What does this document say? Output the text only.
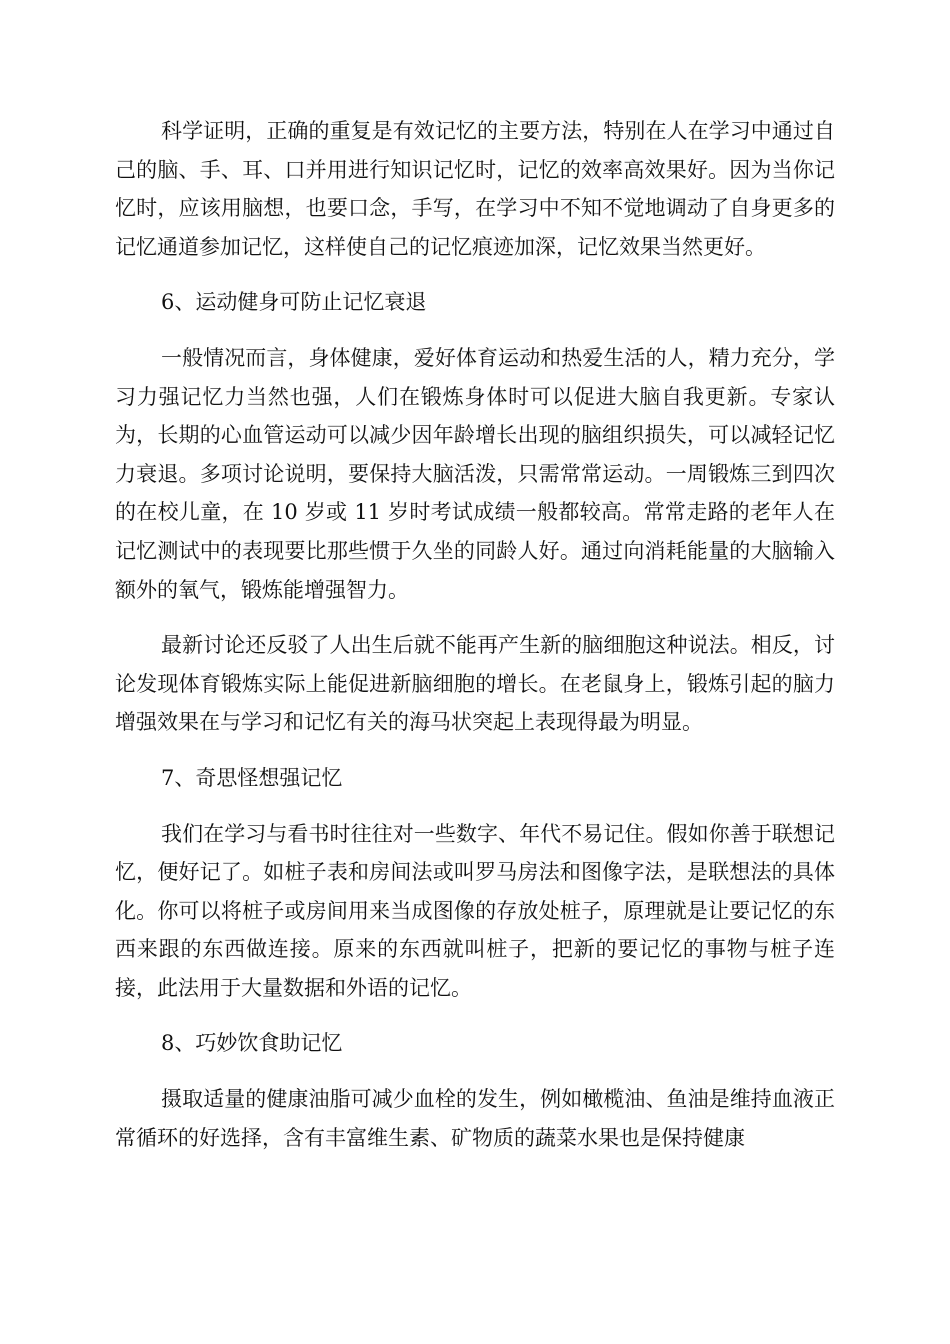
科学证明，正确的重复是有效记忆的主要方法，特别在人在学习中通过自己的脑、手、耳、口并用进行知识记忆时，记忆的效率高效果好。因为当你记忆时，应该用脑想，也要口念，手写，在学习中不知不觉地调动了自身更多的记忆通道参加记忆，这样使自己的记忆痕迹加深，记忆效果当然更好。

6、运动健身可防止记忆衰退

一般情况而言，身体健康，爱好体育运动和热爱生活的人，精力充分，学习力强记忆力当然也强，人们在锻炼身体时可以促进大脑自我更新。专家认为，长期的心血管运动可以减少因年龄增长出现的脑组织损失，可以减轻记忆力衰退。多项讨论说明，要保持大脑活泼，只需常常运动。一周锻炼三到四次的在校儿童，在 10 岁或 11 岁时考试成绩一般都较高。常常走路的老年人在记忆测试中的表现要比那些惯于久坐的同龄人好。通过向消耗能量的大脑输入额外的氧气，锻炼能增强智力。

最新讨论还反驳了人出生后就不能再产生新的脑细胞这种说法。相反，讨论发现体育锻炼实际上能促进新脑细胞的增长。在老鼠身上，锻炼引起的脑力增强效果在与学习和记忆有关的海马状突起上表现得最为明显。

7、奇思怪想强记忆

我们在学习与看书时往往对一些数字、年代不易记住。假如你善于联想记忆，便好记了。如桩子表和房间法或叫罗马房法和图像字法，是联想法的具体化。你可以将桩子或房间用来当成图像的存放处桩子，原理就是让要记忆的东西来跟的东西做连接。原来的东西就叫桩子，把新的要记忆的事物与桩子连接，此法用于大量数据和外语的记忆。

8、巧妙饮食助记忆

摄取适量的健康油脂可减少血栓的发生，例如橄榄油、鱼油是维持血液正常循环的好选择，含有丰富维生素、矿物质的蔬菜水果也是保持健康
